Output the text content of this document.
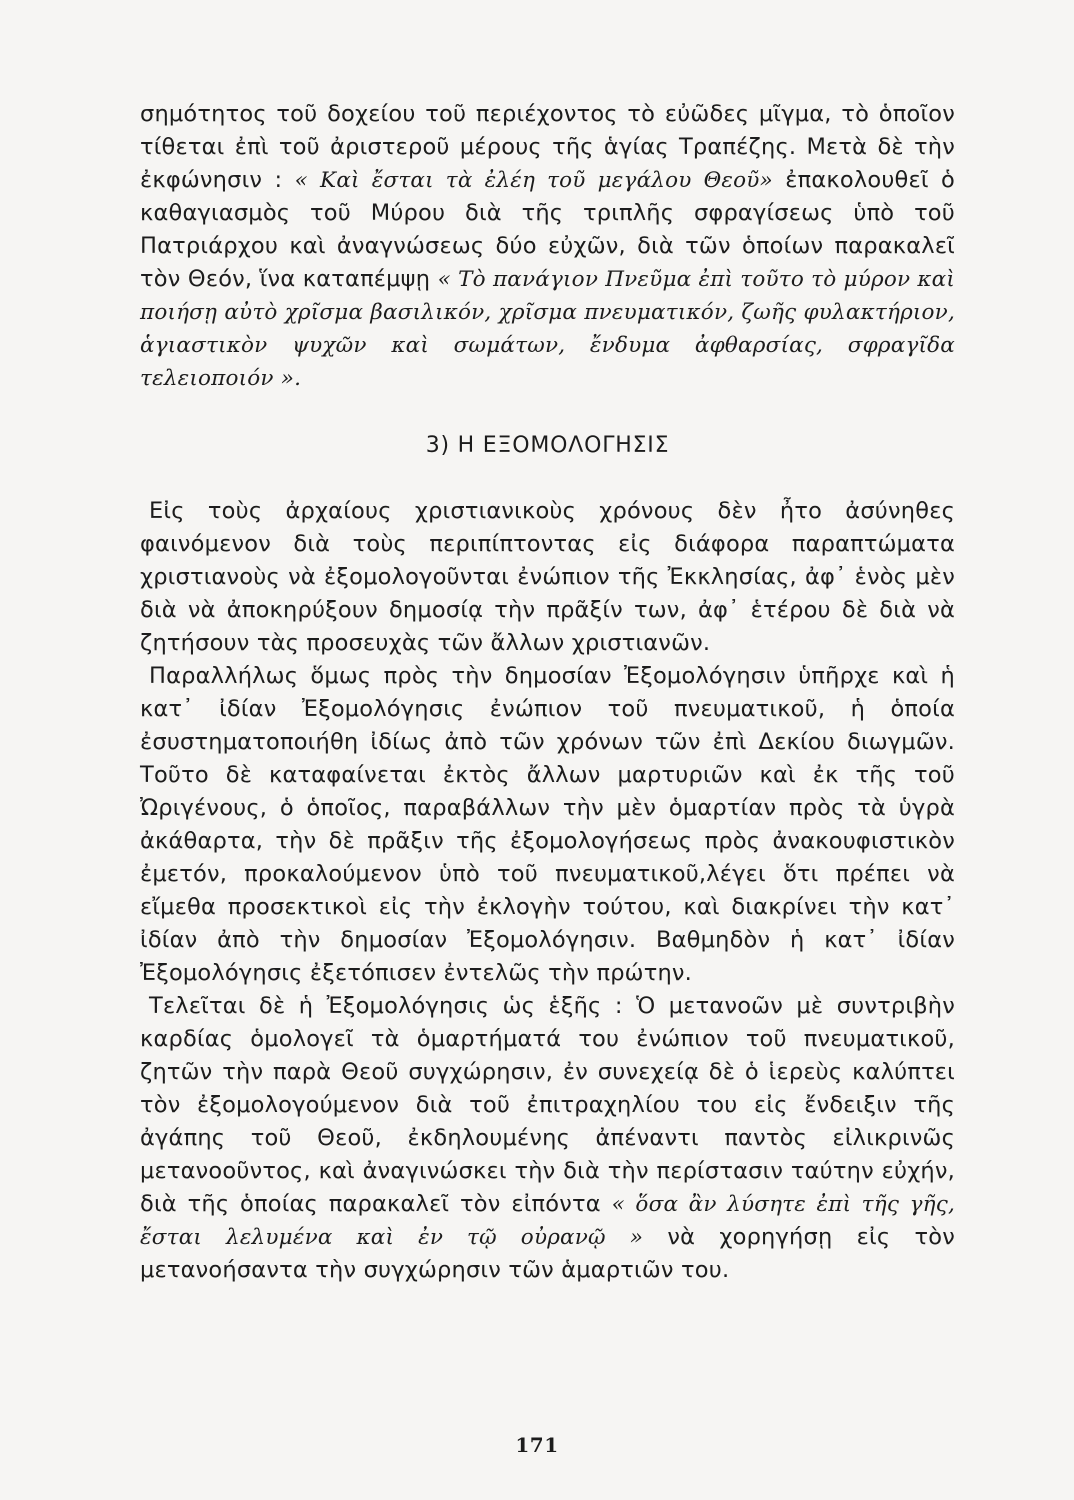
σημότητος τοῦ δοχείου τοῦ περιέχοντος τὸ εὐῶδες μῖγμα, τὸ ὁποῖον τίθεται ἐπὶ τοῦ ἀριστεροῦ μέρους τῆς ἁγίας Τραπέζης. Μετὰ δὲ τὴν ἐκφώνησιν : « Καὶ ἔσται τὰ ἐλέη τοῦ μεγάλου Θεοῦ» ἐπακολουθεῖ ὁ καθαγιασμὸς τοῦ Μύρου διὰ τῆς τριπλῆς σφραγίσεως ὑπὸ τοῦ Πατριάρχου καὶ ἀναγνώσεως δύο εὐχῶν, διὰ τῶν ὁποίων παρακαλεῖ τὸν Θεόν, ἵνα καταπέμψῃ « Τὸ πανάγιον Πνεῦμα ἐπὶ τοῦτο τὸ μύρον καὶ ποιήσῃ αὐτὸ χρῖσμα βασιλικόν, χρῖσμα πνευματικόν, ζωῆς φυλακτήριον, ἁγιαστικὸν ψυχῶν καὶ σωμάτων, ἔνδυμα ἀφθαρσίας, σφραγῖδα τελειοποιόν ».

3) Η ΕΞΟΜΟΛΟΓΗΣΙΣ

Εἰς τοὺς ἀρχαίους χριστιανικοὺς χρόνους δὲν ἦτο ἀσύνηθες φαινόμενον διὰ τοὺς περιπίπτοντας εἰς διάφορα παραπτώματα χριστιανοὺς νὰ ἐξομολογοῦνται ἐνώπιον τῆς Ἐκκλησίας, ἀφ᾽ ἑνὸς μὲν διὰ νὰ ἀποκηρύξουν δημοσίᾳ τὴν πρᾶξίν των, ἀφ᾽ ἑτέρου δὲ διὰ νὰ ζητήσουν τὰς προσευχὰς τῶν ἄλλων χριστιανῶν.

Παραλλήλως ὅμως πρὸς τὴν δημοσίαν Ἐξομολόγησιν ὑπῆρχε καὶ ἡ κατ᾽ ἰδίαν Ἐξομολόγησις ἐνώπιον τοῦ πνευματικοῦ, ἡ ὁποία ἐσυστηματοποιήθη ἰδίως ἀπὸ τῶν χρόνων τῶν ἐπὶ Δεκίου διωγμῶν. Τοῦτο δὲ καταφαίνεται ἐκτὸς ἄλλων μαρτυριῶν καὶ ἐκ τῆς τοῦ Ὠριγένους, ὁ ὁποῖος, παραβάλλων τὴν μὲν ὁμαρτίαν πρὸς τὰ ὑγρὰ ἀκάθαρτα, τὴν δὲ πρᾶξιν τῆς ἐξομολογήσεως πρὸς ἀνακουφιστικὸν ἐμετόν, προκαλούμενον ὑπὸ τοῦ πνευματικοῦ,λέγει ὅτι πρέπει νὰ εἴμεθα προσεκτικοὶ εἰς τὴν ἐκλογὴν τούτου, καὶ διακρίνει τὴν κατ᾽ ἰδίαν ἀπὸ τὴν δημοσίαν Ἐξομολόγησιν. Βαθμηδὸν ἡ κατ᾽ ἰδίαν Ἐξομολόγησις ἐξετόπισεν ἐντελῶς τὴν πρώτην.

Τελεῖται δὲ ἡ Ἐξομολόγησις ὡς ἑξῆς : Ὁ μετανοῶν μὲ συντριβὴν καρδίας ὁμολογεῖ τὰ ὁμαρτήματά του ἐνώπιον τοῦ πνευματικοῦ, ζητῶν τὴν παρὰ Θεοῦ συγχώρησιν, ἐν συνεχείᾳ δὲ ὁ ἱερεὺς καλύπτει τὸν ἐξομολογούμενον διὰ τοῦ ἐπιτραχηλίου του εἰς ἔνδειξιν τῆς ἀγάπης τοῦ Θεοῦ, ἐκδηλουμένης ἀπέναντι παντὸς εἰλικρινῶς μετανοοῦντος, καὶ ἀναγινώσκει τὴν διὰ τὴν περίστασιν ταύτην εὐχήν, διὰ τῆς ὁποίας παρακαλεῖ τὸν εἰπόντα « ὅσα ἂν λύσητε ἐπὶ τῆς γῆς, ἔσται λελυμένα καὶ ἐν τῷ οὐρανῷ » νὰ χορηγήσῃ εἰς τὸν μετανοήσαντα τὴν συγχώρησιν τῶν ἁμαρτιῶν του.

171
